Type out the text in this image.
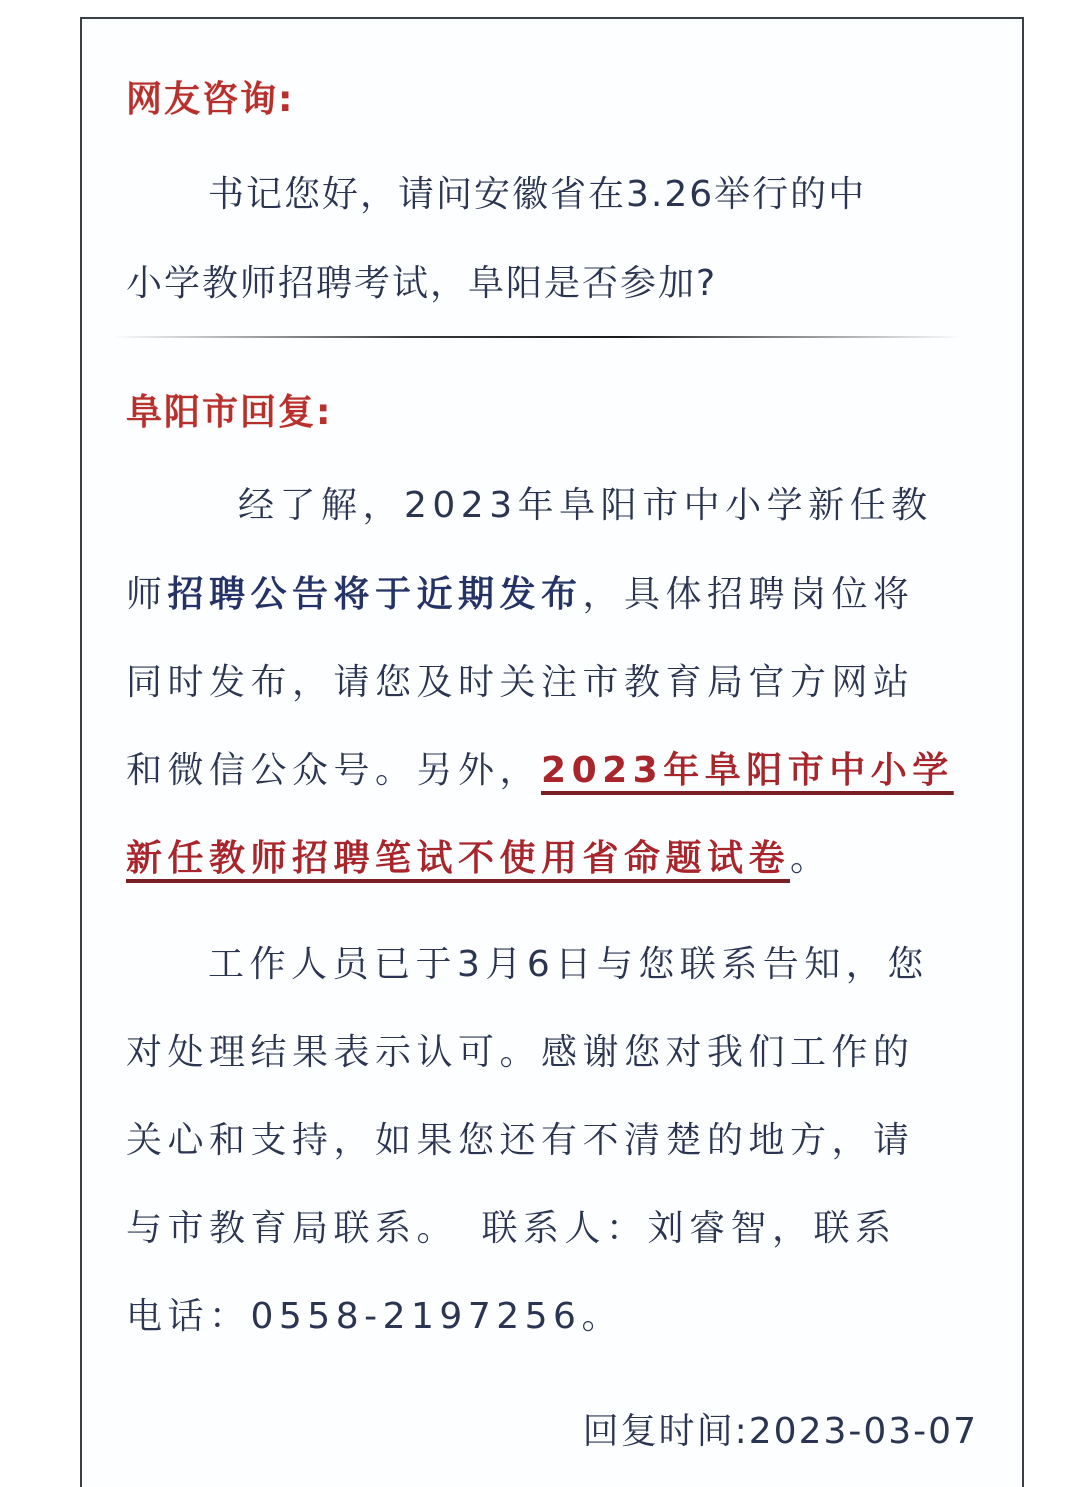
网友咨询:
书记您好，请问安徽省在3.26举行的中
小学教师招聘考试，阜阳是否参加?
阜阳市回复:
经了解，2023年阜阳市中小学新任教
师招聘公告将于近期发布，具体招聘岗位将
同时发布，请您及时关注市教育局官方网站
和微信公众号。另外，2023年阜阳市中小学
新任教师招聘笔试不使用省命题试卷。
工作人员已于3月6日与您联系告知，您
对处理结果表示认可。感谢您对我们工作的
关心和支持，如果您还有不清楚的地方，请
与市教育局联系。　联系人：刘睿智，联系
电话：0558-2197256。
回复时间:2023-03-07
